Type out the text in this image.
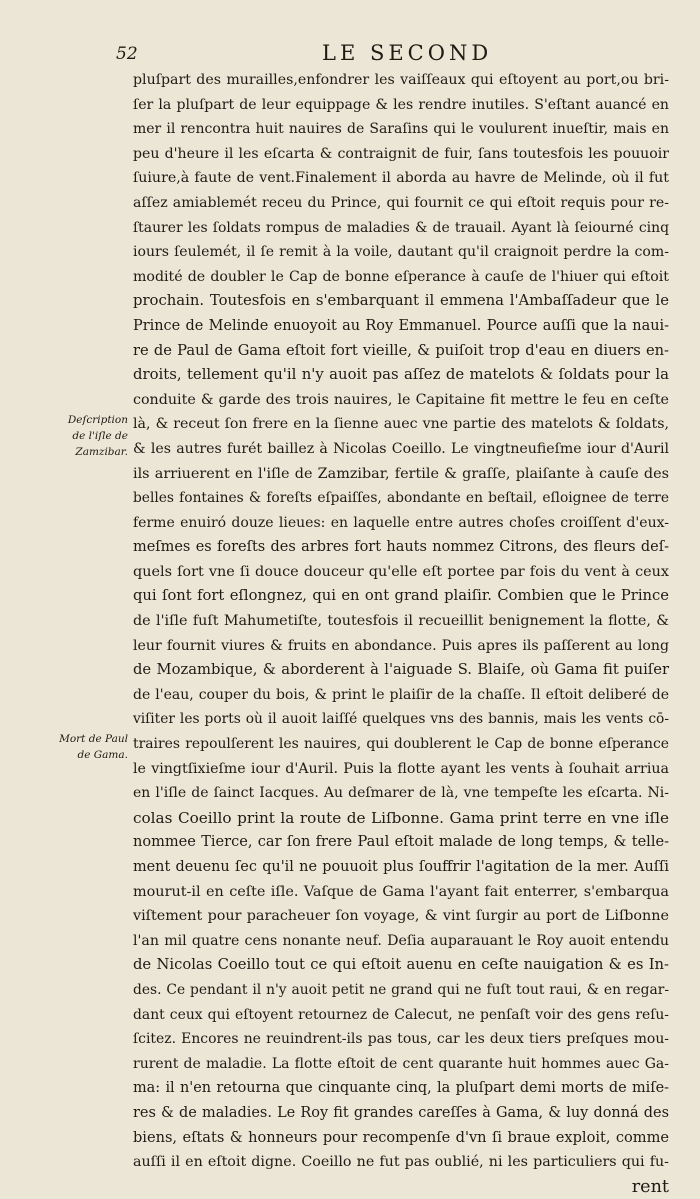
52	LE SECOND
Deſcription
de l'iſle de
Zamzibar.
Mort de Paul
de Gama.
pluſpart des murailles,enfondrer les vaiſſeaux qui eſtoyent au port,ou bri-
ſer la pluſpart de leur equippage & les rendre inutiles. S'eſtant auancé en
mer il rencontra huit nauires de Saraſins qui le voulurent inueſtir, mais en
peu d'heure il les eſcarta & contraignit de fuir, ſans toutesfois les pouuoir
ſuiure,à faute de vent.Finalement il aborda au havre de Melinde, où il fut
aſſez amiablemét receu du Prince, qui fournit ce qui eſtoit requis pour re-
ſtaurer les ſoldats rompus de maladies & de trauail. Ayant là ſeiourné cinq
iours ſeulemét, il ſe remit à la voile, dautant qu'il craignoit perdre la com-
modité de doubler le Cap de bonne eſperance à cauſe de l'hiuer qui eſtoit
prochain. Toutesfois en s'embarquant il emmena l'Ambaſſadeur que le
Prince de Melinde enuoyoit au Roy Emmanuel. Pource auſſi que la naui-
re de Paul de Gama eſtoit fort vieille, & puiſoit trop d'eau en diuers en-
droits, tellement qu'il n'y auoit pas aſſez de matelots & ſoldats pour la
conduite & garde des trois nauires, le Capitaine fit mettre le feu en ceſte
là, & receut ſon frere en la ſienne auec vne partie des matelots & ſoldats,
& les autres furét baillez à Nicolas Coeillo. Le vingtneufieſme iour d'Auril
ils arriuerent en l'iſle de Zamzibar, fertile & graſſe, plaiſante à cauſe des
belles fontaines & foreſts eſpaiſſes, abondante en beſtail, eſloignee de terre
ferme enuiró douze lieues: en laquelle entre autres choſes croiſſent d'eux-
meſmes es foreſts des arbres fort hauts nommez Citrons, des fleurs deſ-
quels ſort vne ſi douce douceur qu'elle eſt portee par fois du vent à ceux
qui ſont fort eſlongnez, qui en ont grand plaiſir. Combien que le Prince
de l'iſle fuſt Mahumetiſte, toutesfois il recueillit benignement la flotte, &
leur fournit viures & fruits en abondance. Puis apres ils paſſerent au long
de Mozambique, & aborderent à l'aiguade S. Blaiſe, où Gama fit puiſer
de l'eau, couper du bois, & print le plaiſir de la chaſſe. Il eſtoit deliberé de
viſiter les ports où il auoit laiſſé quelques vns des bannis, mais les vents cō-
traires repoulſerent les nauires, qui doublerent le Cap de bonne eſperance
le vingtſixieſme iour d'Auril. Puis la flotte ayant les vents à ſouhait arriua
en l'iſle de ſainct Iacques. Au deſmarer de là, vne tempeſte les eſcarta. Ni-
colas Coeillo print la route de Liſbonne. Gama print terre en vne iſle
nommee Tierce, car ſon frere Paul eſtoit malade de long temps, & telle-
ment deuenu ſec qu'il ne pouuoit plus ſouffrir l'agitation de la mer. Auſſi
mourut-il en ceſte iſle. Vaſque de Gama l'ayant fait enterrer, s'embarqua
viſtement pour paracheuer ſon voyage, & vint ſurgir au port de Liſbonne
l'an mil quatre cens nonante neuf. Deſia auparauant le Roy auoit entendu
de Nicolas Coeillo tout ce qui eſtoit auenu en ceſte nauigation & es In-
des. Ce pendant il n'y auoit petit ne grand qui ne fuſt tout raui, & en regar-
dant ceux qui eſtoyent retournez de Calecut, ne penſaſt voir des gens reſu-
ſcitez. Encores ne reuindrent-ils pas tous, car les deux tiers preſques mou-
rurent de maladie. La flotte eſtoit de cent quarante huit hommes auec Ga-
ma: il n'en retourna que cinquante cinq, la pluſpart demi morts de miſe-
res & de maladies. Le Roy fit grandes careſſes à Gama, & luy donná des
biens, eſtats & honneurs pour recompenſe d'vn ſi braue exploit, comme
auſſi il en eſtoit digne. Coeillo ne fut pas oublié, ni les particuliers qui fu-
rent
